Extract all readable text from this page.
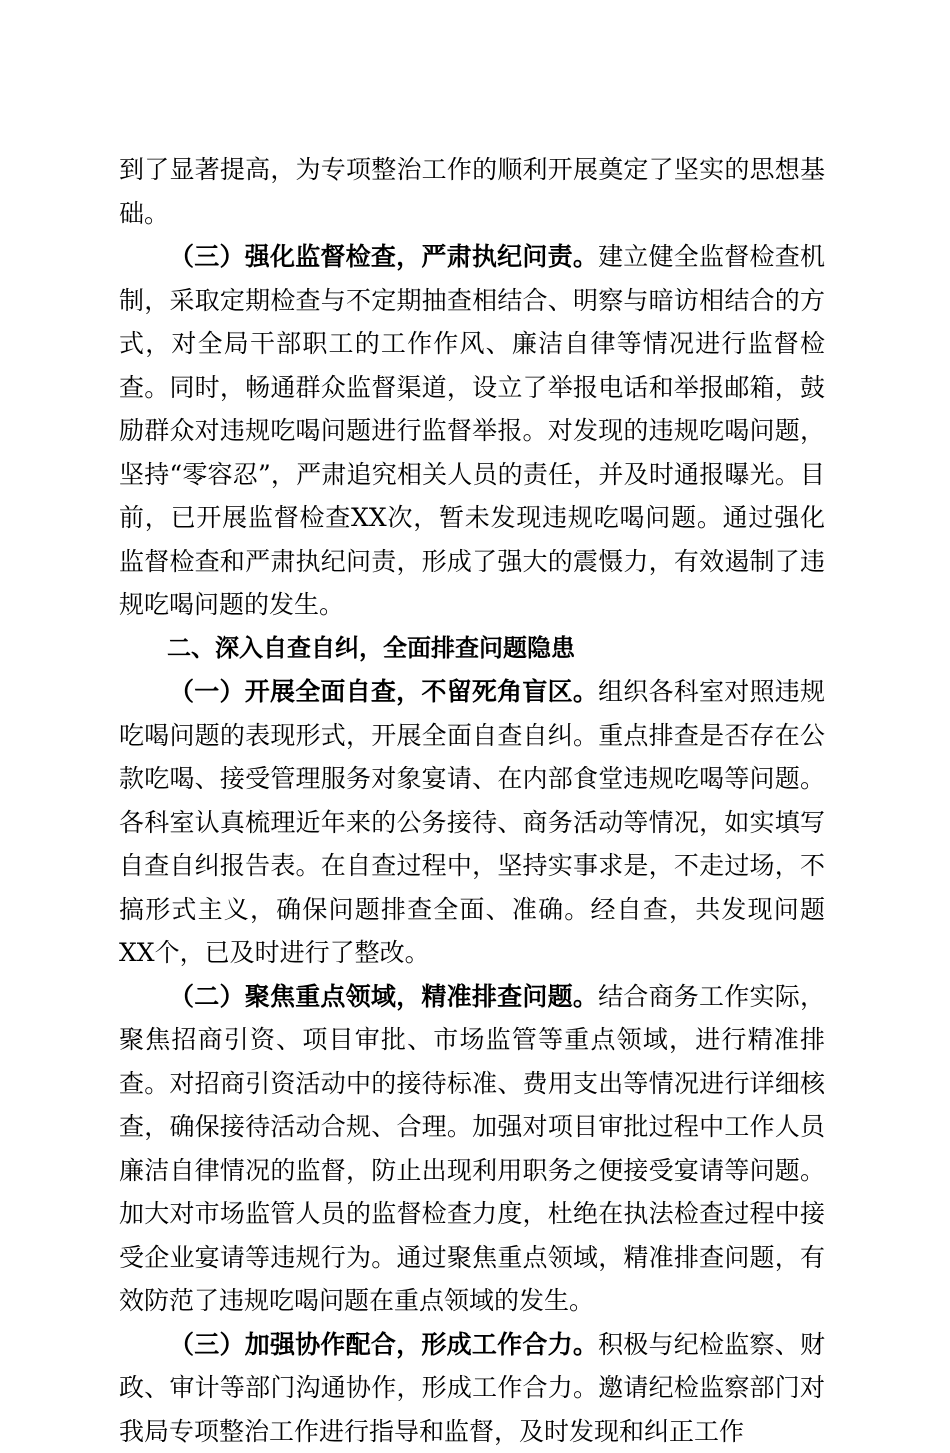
到了显著提高，为专项整治工作的顺利开展奠定了坚实的思想基础。

（三）强化监督检查，严肃执纪问责。建立健全监督检查机制，采取定期检查与不定期抽查相结合、明察与暗访相结合的方式，对全局干部职工的工作作风、廉洁自律等情况进行监督检查。同时，畅通群众监督渠道，设立了举报电话和举报邮箱，鼓励群众对违规吃喝问题进行监督举报。对发现的违规吃喝问题，坚持“零容忍”，严肃追究相关人员的责任，并及时通报曝光。目前，已开展监督检查XX次，暂未发现违规吃喝问题。通过强化监督检查和严肃执纪问责，形成了强大的震慑力，有效遏制了违规吃喝问题的发生。

二、深入自查自纠，全面排查问题隐患

（一）开展全面自查，不留死角盲区。组织各科室对照违规吃喝问题的表现形式，开展全面自查自纠。重点排查是否存在公款吃喝、接受管理服务对象宴请、在内部食堂违规吃喝等问题。各科室认真梳理近年来的公务接待、商务活动等情况，如实填写自查自纠报告表。在自查过程中，坚持实事求是，不走过场，不搞形式主义，确保问题排查全面、准确。经自查，共发现问题XX个，已及时进行了整改。

（二）聚焦重点领域，精准排查问题。结合商务工作实际，聚焦招商引资、项目审批、市场监管等重点领域，进行精准排查。对招商引资活动中的接待标准、费用支出等情况进行详细核查，确保接待活动合规、合理。加强对项目审批过程中工作人员廉洁自律情况的监督，防止出现利用职务之便接受宴请等问题。加大对市场监管人员的监督检查力度，杜绝在执法检查过程中接受企业宴请等违规行为。通过聚焦重点领域，精准排查问题，有效防范了违规吃喝问题在重点领域的发生。

（三）加强协作配合，形成工作合力。积极与纪检监察、财政、审计等部门沟通协作，形成工作合力。邀请纪检监察部门对我局专项整治工作进行指导和监督，及时发现和纠正工作
